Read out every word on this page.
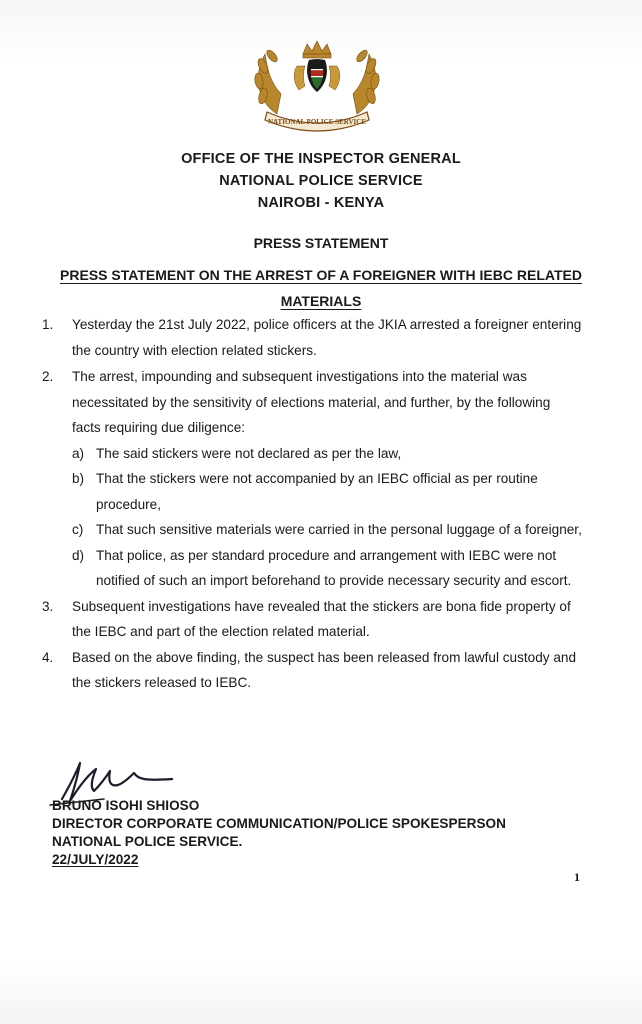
NATIONAL POLICE SERVICE
OFFICE OF THE INSPECTOR GENERAL
NATIONAL POLICE SERVICE
NAIROBI - KENYA
PRESS STATEMENT
PRESS STATEMENT ON THE ARREST OF A FOREIGNER WITH IEBC RELATED MATERIALS
1. Yesterday the 21st July 2022, police officers at the JKIA arrested a foreigner entering the country with election related stickers.
2. The arrest, impounding and subsequent investigations into the material was necessitated by the sensitivity of elections material, and further, by the following facts requiring due diligence:
a) The said stickers were not declared as per the law,
b) That the stickers were not accompanied by an IEBC official as per routine procedure,
c) That such sensitive materials were carried in the personal luggage of a foreigner,
d) That police, as per standard procedure and arrangement with IEBC were not notified of such an import beforehand to provide necessary security and escort.
3. Subsequent investigations have revealed that the stickers are bona fide property of the IEBC and part of the election related material.
4. Based on the above finding, the suspect has been released from lawful custody and the stickers released to IEBC.
BRUNO ISOHI SHIOSO
DIRECTOR CORPORATE COMMUNICATION/POLICE SPOKESPERSON
NATIONAL POLICE SERVICE.
22/JULY/2022
1
